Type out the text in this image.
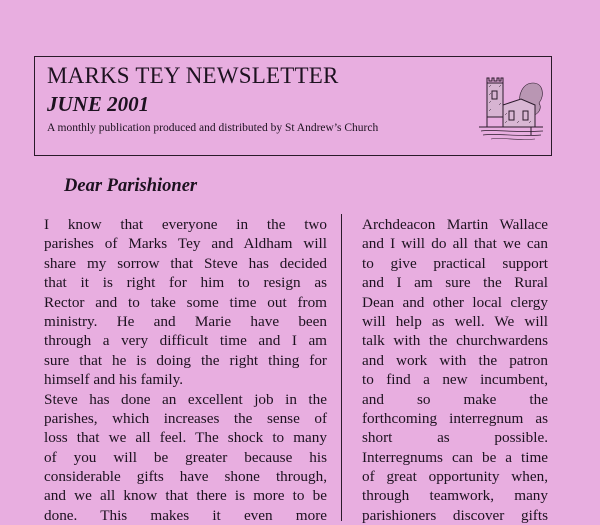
MARKS TEY NEWSLETTER
JUNE 2001
A monthly publication produced and distributed by St Andrew’s Church
Dear Parishioner
I know that everyone in the two
parishes of Marks Tey and Aldham will
share my sorrow that Steve has decided
that it is right for him to resign as
Rector and to take some time out from
ministry. He and Marie have been
through a very difficult time and I am
sure that he is doing the right thing for
himself and his family.
Steve has done an excellent job in the
parishes, which increases the sense of
loss that we all feel. The shock to many
of you will be greater because his
considerable gifts have shone through,
and we all know that there is more to be
done. This makes it even more
Archdeacon Martin Wallace
and I will do all that we can
to give practical support
and I am sure the Rural
Dean and other local clergy
will help as well. We will
talk with the churchwardens
and work with the patron
to find a new incumbent,
and so make the
forthcoming interregnum as
short as possible.
Interregnums can be a time
of great opportunity when,
through teamwork, many
parishioners discover gifts
